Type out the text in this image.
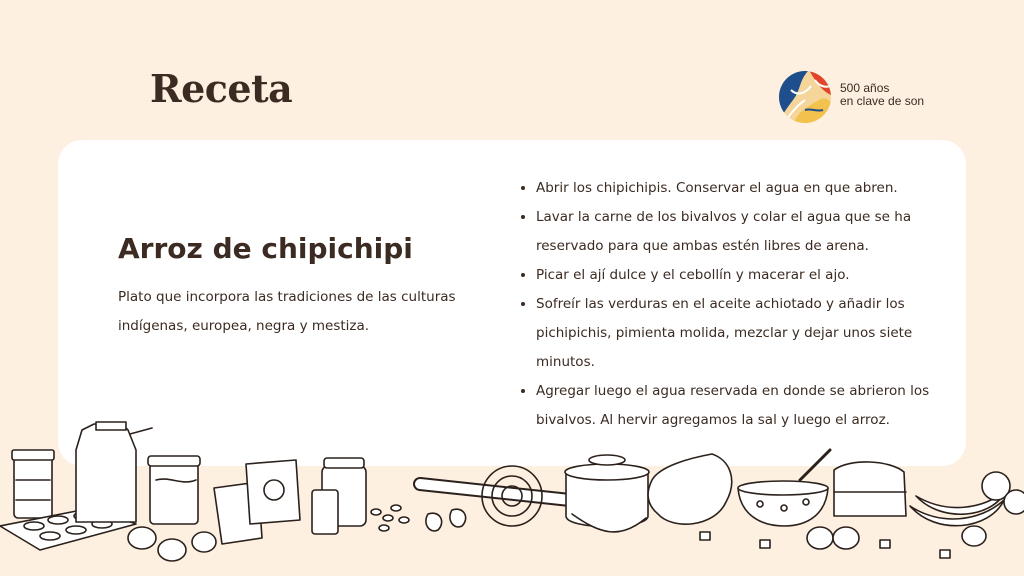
Receta	500 años
en clave de son
Arroz de chipichipi
Plato que incorpora las tradiciones de las culturas indígenas, europea, negra y mestiza.
• Abrir los chipichipis. Conservar el agua en que abren.
• Lavar la carne de los bivalvos y colar el agua que se ha reservado para que ambas estén libres de arena.
• Picar el ají dulce y el cebollín y macerar el ajo.
• Sofreír las verduras en el aceite achiotado y añadir los pichipichis, pimienta molida, mezclar y dejar unos siete minutos.
• Agregar luego el agua reservada en donde se abrieron los bivalvos. Al hervir agregamos la sal y luego el arroz.
